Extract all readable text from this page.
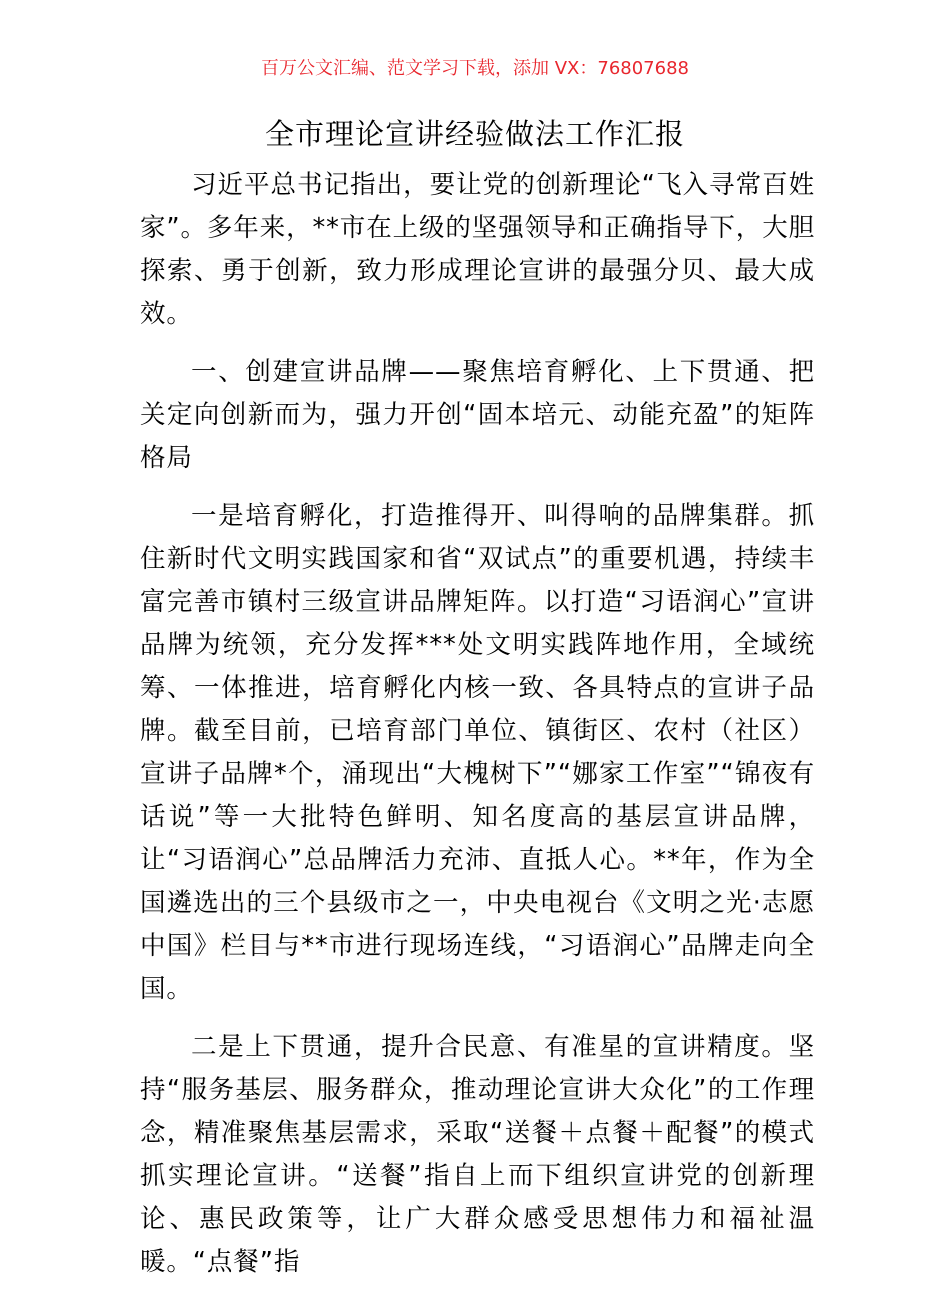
百万公文汇编、范文学习下载，添加 VX：76807688
全市理论宣讲经验做法工作汇报

习近平总书记指出，要让党的创新理论“飞入寻常百姓家”。多年来，**市在上级的坚强领导和正确指导下，大胆探索、勇于创新，致力形成理论宣讲的最强分贝、最大成效。

一、创建宣讲品牌——聚焦培育孵化、上下贯通、把关定向创新而为，强力开创“固本培元、动能充盈”的矩阵格局

一是培育孵化，打造推得开、叫得响的品牌集群。抓住新时代文明实践国家和省“双试点”的重要机遇，持续丰富完善市镇村三级宣讲品牌矩阵。以打造“习语润心”宣讲品牌为统领，充分发挥***处文明实践阵地作用，全域统筹、一体推进，培育孵化内核一致、各具特点的宣讲子品牌。截至目前，已培育部门单位、镇街区、农村（社区）宣讲子品牌*个，涌现出“大槐树下”“娜家工作室”“锦夜有话说”等一大批特色鲜明、知名度高的基层宣讲品牌，让“习语润心”总品牌活力充沛、直抵人心。**年，作为全国遴选出的三个县级市之一，中央电视台《文明之光·志愿中国》栏目与**市进行现场连线，“习语润心”品牌走向全国。

二是上下贯通，提升合民意、有准星的宣讲精度。坚持“服务基层、服务群众，推动理论宣讲大众化”的工作理念，精准聚焦基层需求，采取“送餐＋点餐＋配餐”的模式抓实理论宣讲。“送餐”指自上而下组织宣讲党的创新理论、惠民政策等，让广大群众感受思想伟力和福祉温暖。“点餐”指
